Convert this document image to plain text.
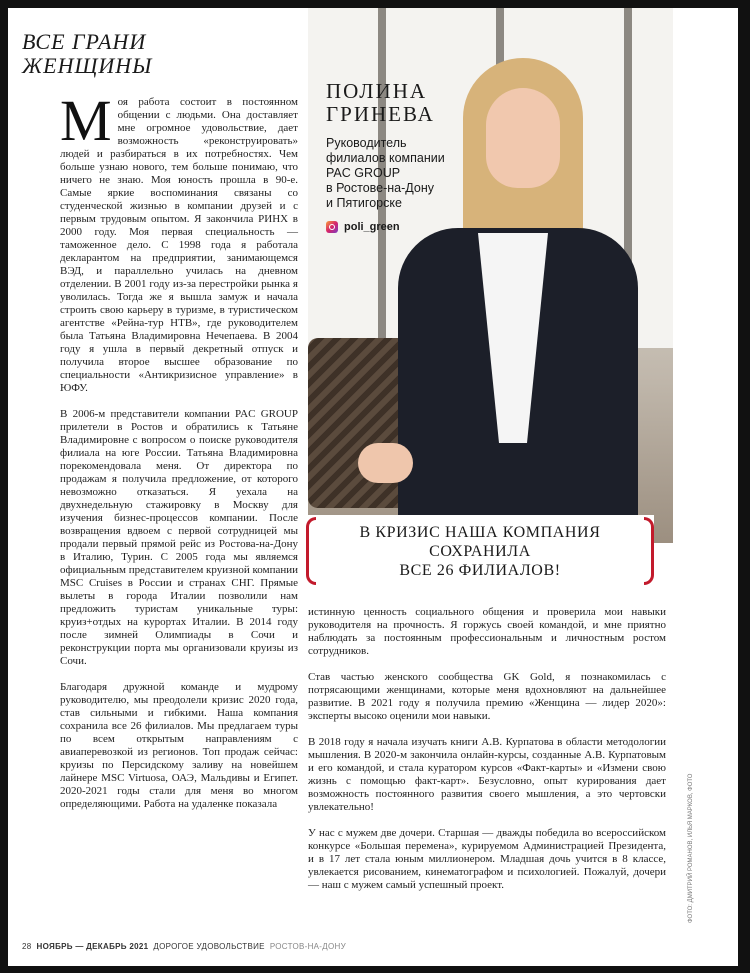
ВСЕ ГРАНИ
ЖЕНЩИНЫ
ПОЛИНА
ГРИНЕВА
Руководитель
филиалов компании
PAC GROUP
в Ростове-на-Дону
и Пятигорске
poli_green
В КРИЗИС НАША КОМПАНИЯ
СОХРАНИЛА
ВСЕ 26 ФИЛИАЛОВ!

Моя работа состоит в постоянном общении с людьми. Она доставляет мне огромное удовольствие, дает возможность «реконструировать» людей и разбираться в их потребностях. Чем больше узнаю нового, тем больше понимаю, что ничего не знаю. Моя юность прошла в 90-е. Самые яркие воспоминания связаны со студенческой жизнью в компании друзей и с первым трудовым опытом. Я закончила РИНХ в 2000 году. Моя первая специальность — таможенное дело. С 1998 года я работала декларантом на предприятии, занимающемся ВЭД, и параллельно училась на дневном отделении. В 2001 году из-за перестройки рынка я уволилась. Тогда же я вышла замуж и начала строить свою карьеру в туризме, в туристическом агентстве «Рейна-тур НТВ», где руководителем была Татьяна Владимировна Нечепаева. В 2004 году я ушла в первый декретный отпуск и получила второе высшее образование по специальности «Антикризисное управление» в ЮФУ.

В 2006-м представители компании PAC GROUP прилетели в Ростов и обратились к Татьяне Владимировне с вопросом о поиске руководителя филиала на юге России. Татьяна Владимировна порекомендовала меня. От директора по продажам я получила предложение, от которого невозможно отказаться. Я уехала на двухнедельную стажировку в Москву для изучения бизнес-процессов компании. После возвращения вдвоем с первой сотрудницей мы продали первый прямой рейс из Ростова-на-Дону в Италию, Турин. С 2005 года мы являемся официальным представителем круизной компании MSC Cruises в России и странах СНГ. Прямые вылеты в города Италии позволили нам предложить туристам уникальные туры: круиз+отдых на курортах Италии. В 2014 году после зимней Олимпиады в Сочи и реконструкции порта мы организовали круизы из Сочи.

Благодаря дружной команде и мудрому руководителю, мы преодолели кризис 2020 года, став сильными и гибкими. Наша компания сохранила все 26 филиалов. Мы предлагаем туры по всем открытым направлениям с авиаперевозкой из регионов. Топ продаж сейчас: круизы по Персидскому заливу на новейшем лайнере MSC Virtuosa, ОАЭ, Мальдивы и Египет. 2020-2021 годы стали для меня во многом определяющими. Работа на удаленке показала

истинную ценность социального общения и проверила мои навыки руководителя на прочность. Я горжусь своей командой, и мне приятно наблюдать за постоянным профессиональным и личностным ростом сотрудников.

Став частью женского сообщества GK Gold, я познакомилась с потрясающими женщинами, которые меня вдохновляют на дальнейшее развитие. В 2021 году я получила премию «Женщина — лидер 2020»: эксперты высоко оценили мои навыки.

В 2018 году я начала изучать книги А.В. Курпатова в области методологии мышления. В 2020-м закончила онлайн-курсы, созданные А.В. Курпатовым и его командой, и стала куратором курсов «Факт-карты» и «Измени свою жизнь с помощью факт-карт». Безусловно, опыт курирования дает возможность постоянного развития своего мышления, а это чертовски увлекательно!

У нас с мужем две дочери. Старшая — дважды победила во всероссийском конкурсе «Большая перемена», курируемом Администрацией Президента, и в 17 лет стала юным миллионером. Младшая дочь учится в 8 классе, увлекается рисованием, кинематографом и психологией. Пожалуй, дочери — наш с мужем самый успешный проект.	ФОТО: ДМИТРИЙ РОМАНОВ, ИЛЬЯ МАРКОВ, ФОТО
28 НОЯБРЬ — ДЕКАБРЬ 2021 ДОРОГОЕ УДОВОЛЬСТВИЕ РОСТОВ-НА-ДОНУ
